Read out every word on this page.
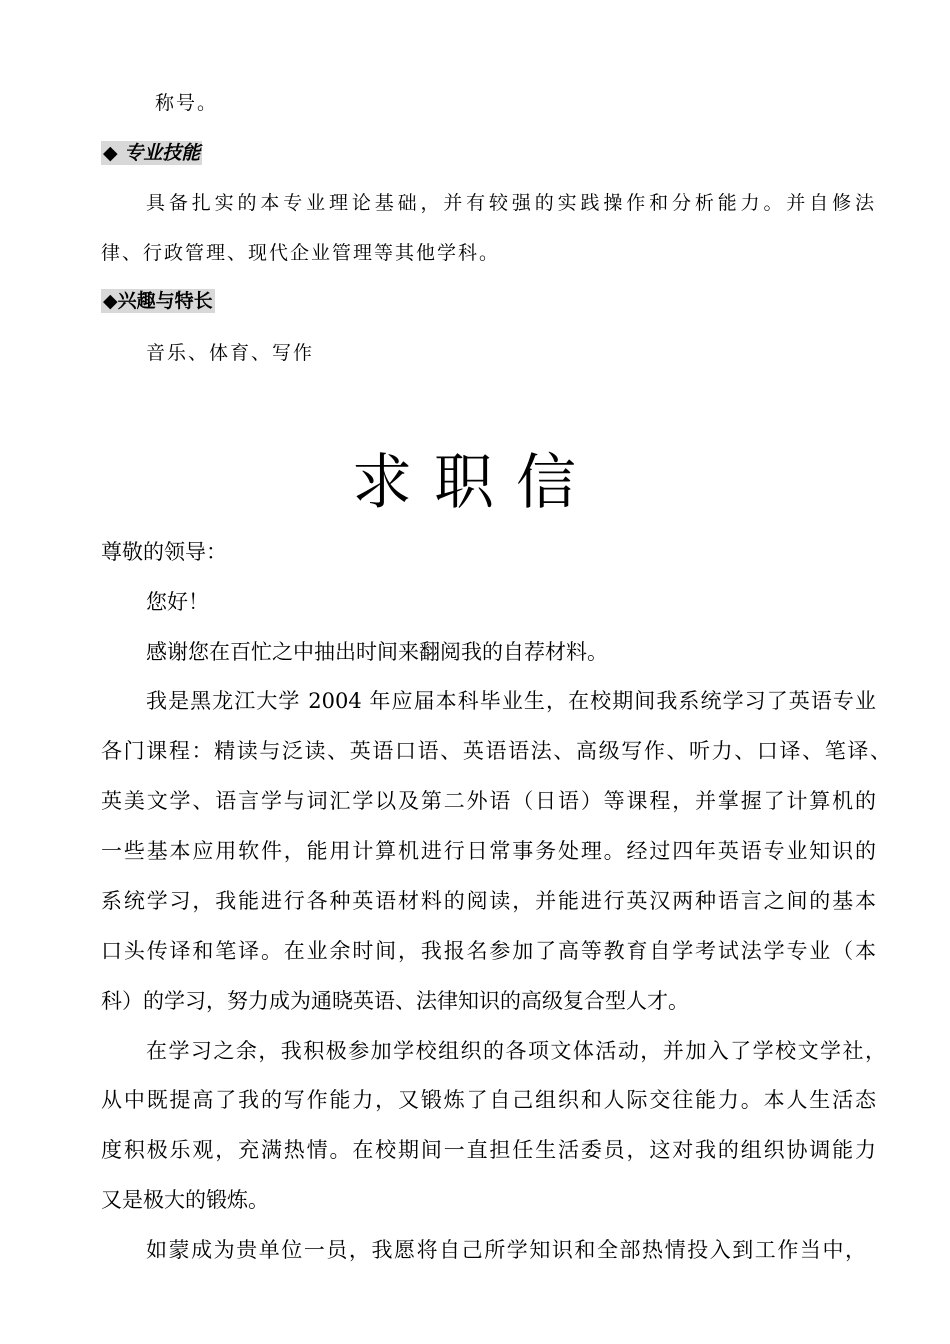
称号。
◆ 专业技能
具备扎实的本专业理论基础，并有较强的实践操作和分析能力。并自修法
律、行政管理、现代企业管理等其他学科。
◆兴趣与特长
音乐、体育、写作
求职信
尊敬的领导：
您好！
感谢您在百忙之中抽出时间来翻阅我的自荐材料。
我是黑龙江大学 2004 年应届本科毕业生，在校期间我系统学习了英语专业
各门课程：精读与泛读、英语口语、英语语法、高级写作、听力、口译、笔译、
英美文学、语言学与词汇学以及第二外语（日语）等课程，并掌握了计算机的
一些基本应用软件，能用计算机进行日常事务处理。经过四年英语专业知识的
系统学习，我能进行各种英语材料的阅读，并能进行英汉两种语言之间的基本
口头传译和笔译。在业余时间，我报名参加了高等教育自学考试法学专业（本
科）的学习，努力成为通晓英语、法律知识的高级复合型人才。
在学习之余，我积极参加学校组织的各项文体活动，并加入了学校文学社，
从中既提高了我的写作能力，又锻炼了自己组织和人际交往能力。本人生活态
度积极乐观，充满热情。在校期间一直担任生活委员，这对我的组织协调能力
又是极大的锻炼。
如蒙成为贵单位一员，我愿将自己所学知识和全部热情投入到工作当中，
